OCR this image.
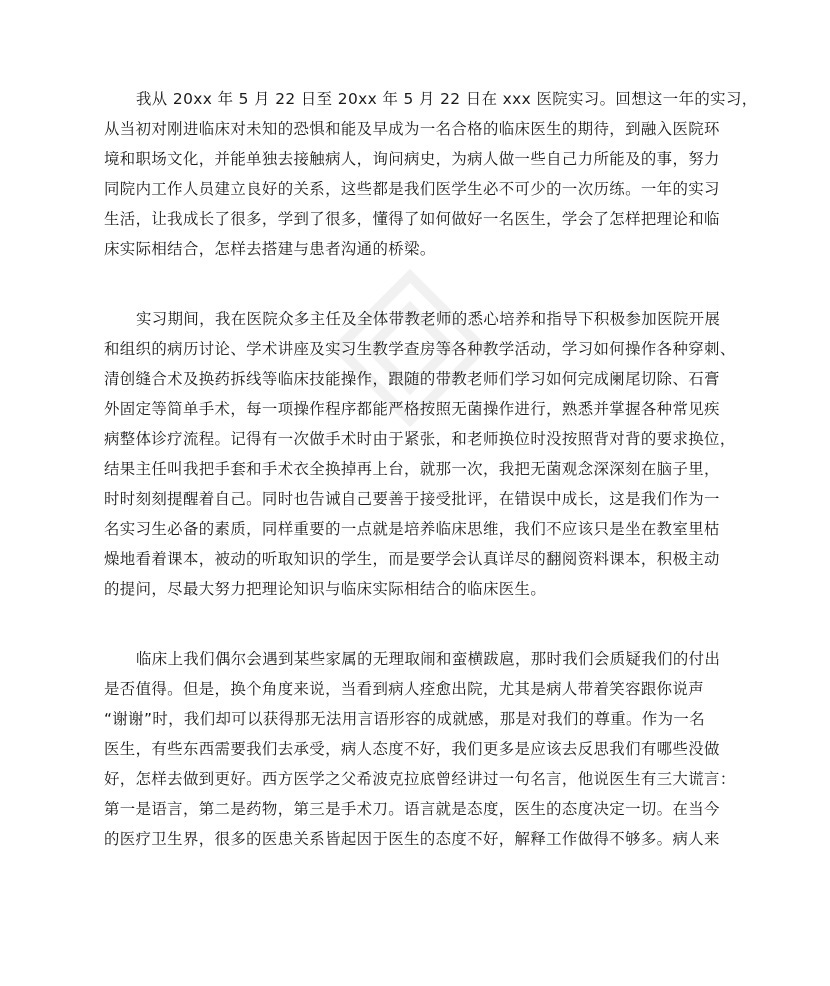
我从 20xx 年 5 月 22 日至 20xx 年 5 月 22 日在 xxx 医院实习。回想这一年的实习，
从当初对刚进临床对未知的恐惧和能及早成为一名合格的临床医生的期待，到融入医院环
境和职场文化，并能单独去接触病人，询问病史，为病人做一些自己力所能及的事，努力
同院内工作人员建立良好的关系，这些都是我们医学生必不可少的一次历练。一年的实习
生活，让我成长了很多，学到了很多，懂得了如何做好一名医生，学会了怎样把理论和临
床实际相结合，怎样去搭建与患者沟通的桥梁。

实习期间，我在医院众多主任及全体带教老师的悉心培养和指导下积极参加医院开展
和组织的病历讨论、学术讲座及实习生教学查房等各种教学活动，学习如何操作各种穿刺、
清创缝合术及换药拆线等临床技能操作，跟随的带教老师们学习如何完成阑尾切除、石膏
外固定等简单手术，每一项操作程序都能严格按照无菌操作进行，熟悉并掌握各种常见疾
病整体诊疗流程。记得有一次做手术时由于紧张，和老师换位时没按照背对背的要求换位，
结果主任叫我把手套和手术衣全换掉再上台，就那一次，我把无菌观念深深刻在脑子里，
时时刻刻提醒着自己。同时也告诫自己要善于接受批评，在错误中成长，这是我们作为一
名实习生必备的素质，同样重要的一点就是培养临床思维，我们不应该只是坐在教室里枯
燥地看着课本，被动的听取知识的学生，而是要学会认真详尽的翻阅资料课本，积极主动
的提问，尽最大努力把理论知识与临床实际相结合的临床医生。

临床上我们偶尔会遇到某些家属的无理取闹和蛮横跋扈，那时我们会质疑我们的付出
是否值得。但是，换个角度来说，当看到病人痊愈出院，尤其是病人带着笑容跟你说声
“谢谢”时，我们却可以获得那无法用言语形容的成就感，那是对我们的尊重。作为一名
医生，有些东西需要我们去承受，病人态度不好，我们更多是应该去反思我们有哪些没做
好，怎样去做到更好。西方医学之父希波克拉底曾经讲过一句名言，他说医生有三大谎言：
第一是语言，第二是药物，第三是手术刀。语言就是态度，医生的态度决定一切。在当今
的医疗卫生界，很多的医患关系皆起因于医生的态度不好，解释工作做得不够多。病人来
